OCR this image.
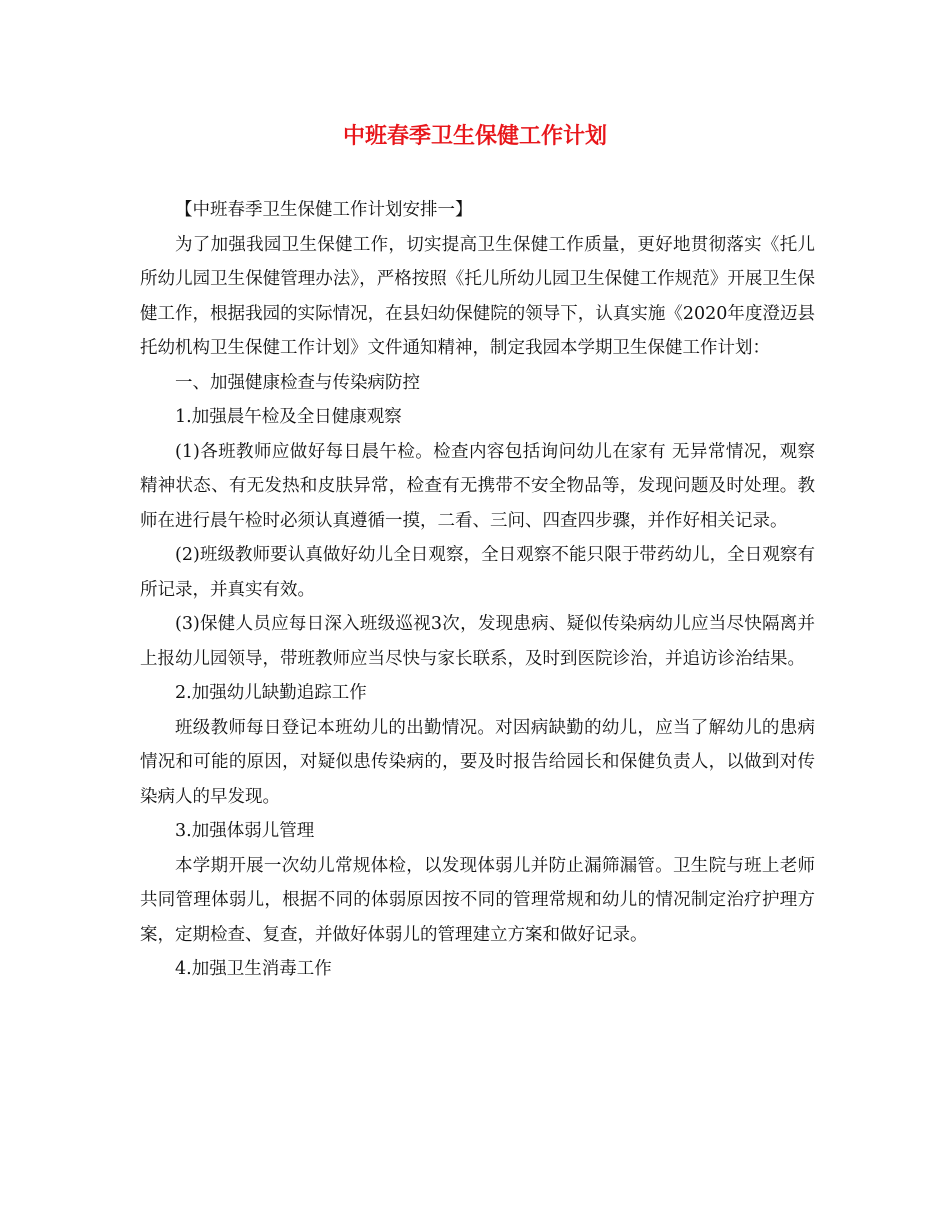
中班春季卫生保健工作计划

【中班春季卫生保健工作计划安排一】

为了加强我园卫生保健工作，切实提高卫生保健工作质量，更好地贯彻落实《托儿所幼儿园卫生保健管理办法》，严格按照《托儿所幼儿园卫生保健工作规范》开展卫生保健工作，根据我园的实际情况，在县妇幼保健院的领导下，认真实施《2020年度澄迈县托幼机构卫生保健工作计划》文件通知精神，制定我园本学期卫生保健工作计划：

一、加强健康检查与传染病防控

1.加强晨午检及全日健康观察

(1)各班教师应做好每日晨午检。检查内容包括询问幼儿在家有 无异常情况，观察精神状态、有无发热和皮肤异常，检查有无携带不安全物品等，发现问题及时处理。教师在进行晨午检时必须认真遵循一摸，二看、三问、四查四步骤，并作好相关记录。

(2)班级教师要认真做好幼儿全日观察，全日观察不能只限于带药幼儿，全日观察有所记录，并真实有效。

(3)保健人员应每日深入班级巡视3次，发现患病、疑似传染病幼儿应当尽快隔离并上报幼儿园领导，带班教师应当尽快与家长联系，及时到医院诊治，并追访诊治结果。

2.加强幼儿缺勤追踪工作

班级教师每日登记本班幼儿的出勤情况。对因病缺勤的幼儿，应当了解幼儿的患病情况和可能的原因，对疑似患传染病的，要及时报告给园长和保健负责人，以做到对传染病人的早发现。

3.加强体弱儿管理

本学期开展一次幼儿常规体检，以发现体弱儿并防止漏筛漏管。卫生院与班上老师共同管理体弱儿，根据不同的体弱原因按不同的管理常规和幼儿的情况制定治疗护理方案，定期检查、复查，并做好体弱儿的管理建立方案和做好记录。

4.加强卫生消毒工作
